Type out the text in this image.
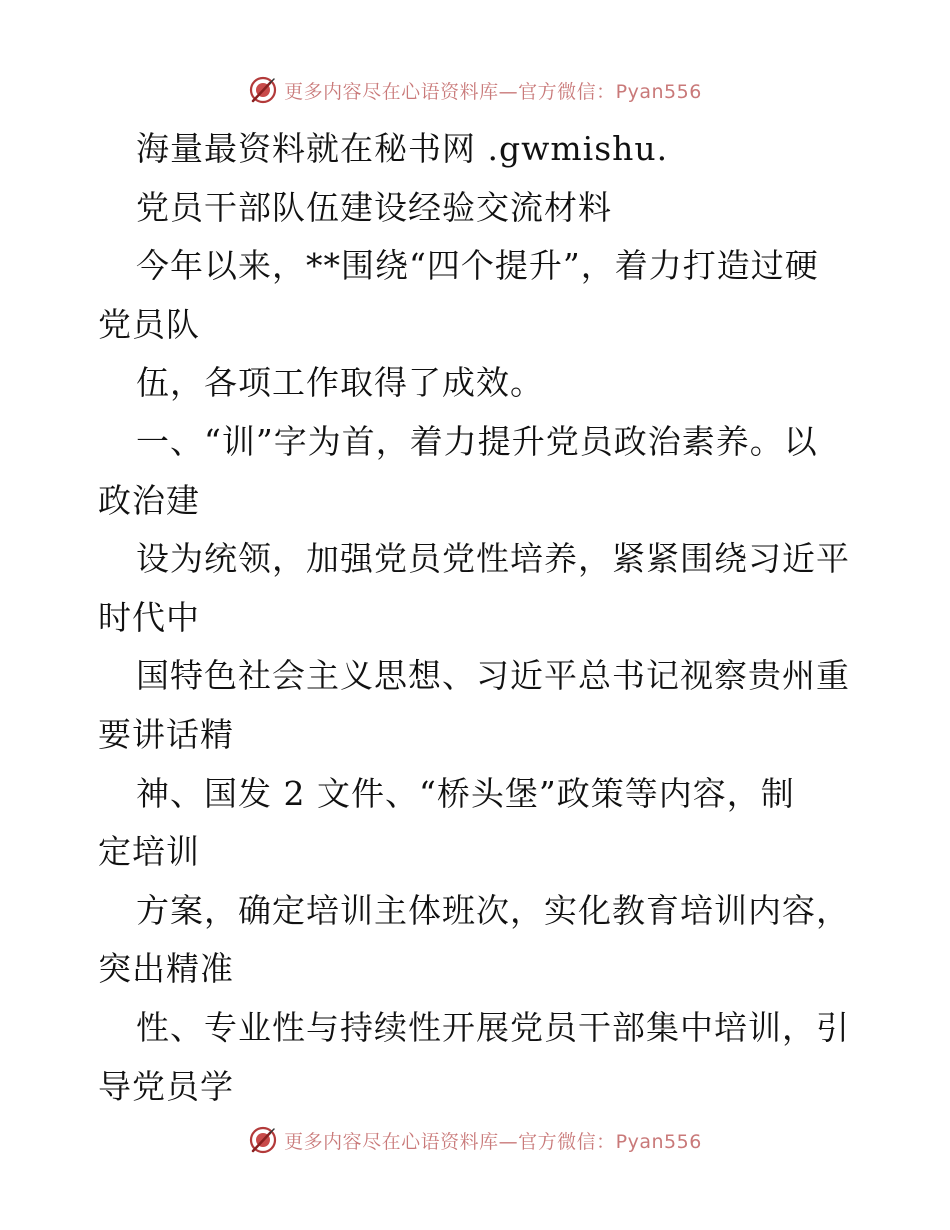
更多内容尽在心语资料库—官方微信：Pyan556
海量最资料就在秘书网 .gwmishu.
党员干部队伍建设经验交流材料
今年以来，**围绕“四个提升”，着力打造过硬
党员队
伍，各项工作取得了成效。
一、“训”字为首，着力提升党员政治素养。以
政治建
设为统领，加强党员党性培养，紧紧围绕习近平
时代中
国特色社会主义思想、习近平总书记视察贵州重
要讲话精
神、国发 2 文件、“桥头堡”政策等内容，制
定培训
方案，确定培训主体班次，实化教育培训内容，
突出精准
性、专业性与持续性开展党员干部集中培训，引
导党员学
更多内容尽在心语资料库—官方微信：Pyan556
